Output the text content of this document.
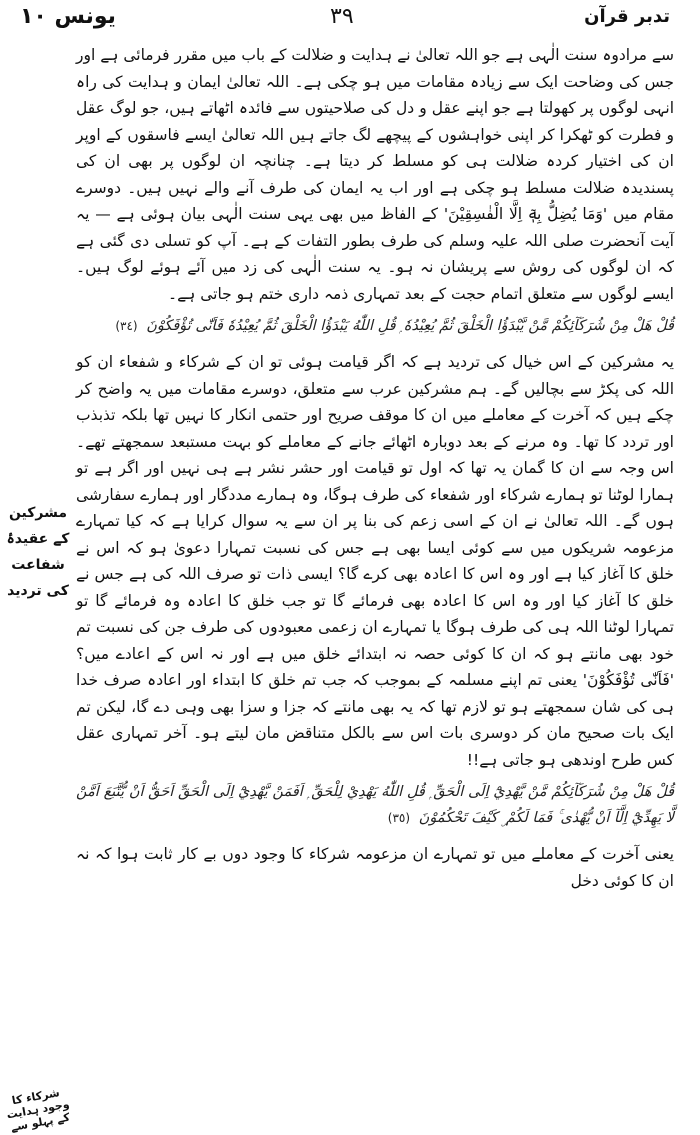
يونس ١٠	٣٩	تدبر قرآن

سے مرادوہ سنت الٰہی ہے جو اللہ تعالیٰ نے ہدایت و ضلالت کے باب میں مقرر فرمائی ہے اور جس کی وضاحت ایک سے زیادہ مقامات میں ہو چکی ہے۔ اللہ تعالیٰ ایمان و ہدایت کی راہ انہی لوگوں پر کھولتا ہے جو اپنے عقل و دل کی صلاحیتوں سے فائدہ اٹھاتے ہیں، جو لوگ عقل و فطرت کو ٹھکرا کر اپنی خواہشوں کے پیچھے لگ جاتے ہیں اللہ تعالیٰ ایسے فاسقوں کے اوپر ان کی اختیار کردہ ضلالت ہی کو مسلط کر دیتا ہے۔ چنانچہ ان لوگوں پر بھی ان کی پسندیدہ ضلالت مسلط ہو چکی ہے اور اب یہ ایمان کی طرف آنے والے نہیں ہیں۔ دوسرے مقام میں 'وَمَا يُضِلُّ بِهٖٓ اِلَّا الْفٰسِقِيْنَ' کے الفاظ میں بھی یہی سنت الٰہی بیان ہوئی ہے — یہ آیت آنحضرت صلی اللہ علیہ وسلم کی طرف بطور التفات کے ہے۔ آپ کو تسلی دی گئی ہے کہ ان لوگوں کی روش سے پریشان نہ ہو۔ یہ سنت الٰہی کی زد میں آئے ہوئے لوگ ہیں۔ ایسے لوگوں سے متعلق اتمام حجت کے بعد تمہاری ذمہ داری ختم ہو جاتی ہے۔

قُلْ هَلْ مِنْ شُرَكَآئِكُمْ مَّنْ يَّبْدَؤُا الْخَلْقَ ثُمَّ يُعِيْدُهٗ ۭ قُلِ اللّٰهُ يَبْدَؤُا الْخَلْقَ ثُمَّ يُعِيْدُهٗ فَاَنّٰى تُؤْفَكُوْنَ (٣٤)

یہ مشرکین کے اس خیال کی تردید ہے کہ اگر قیامت ہوئی تو ان کے شرکاء و شفعاء ان کو اللہ کی پکڑ سے بچالیں گے۔ ہم مشرکین عرب سے متعلق، دوسرے مقامات میں یہ واضح کر چکے ہیں کہ آخرت کے معاملے میں ان کا موقف صریح اور حتمی انکار کا نہیں تھا بلکہ تذبذب اور تردد کا تھا۔ وہ مرنے کے بعد دوبارہ اٹھائے جانے کے معاملے کو بہت مستبعد سمجھتے تھے۔ اس وجہ سے ان کا گمان یہ تھا کہ اول تو قیامت اور حشر نشر ہے ہی نہیں اور اگر ہے تو ہمارا لوٹنا تو ہمارے شرکاء اور شفعاء کی طرف ہوگا، وہ ہمارے مددگار اور ہمارے سفارشی ہوں گے۔ اللہ تعالیٰ نے ان کے اسی زعم کی بنا پر ان سے یہ سوال کرایا ہے کہ کیا تمہارے مزعومہ شریکوں میں سے کوئی ایسا بھی ہے جس کی نسبت تمہارا دعویٰ ہو کہ اس نے خلق کا آغاز کیا ہے اور وہ اس کا اعادہ بھی کرے گا؟ ایسی ذات تو صرف اللہ کی ہے جس نے خلق کا آغاز کیا اور وہ اس کا اعادہ بھی فرمائے گا تو جب خلق کا اعادہ وہ فرمائے گا تو تمہارا لوٹنا اللہ ہی کی طرف ہوگا یا تمہارے ان زعمی معبودوں کی طرف جن کی نسبت تم خود بھی مانتے ہو کہ ان کا کوئی حصہ نہ ابتدائے خلق میں ہے اور نہ اس کے اعادے میں؟ 'فَاَنّٰى تُؤْفَكُوْنَ' یعنی تم اپنے مسلمہ کے بموجب کہ جب تم خلق کا ابتداء اور اعادہ صرف خدا ہی کی شان سمجھتے ہو تو لازم تھا کہ یہ بھی مانتے کہ جزا و سزا بھی وہی دے گا، لیکن تم ایک بات صحیح مان کر دوسری بات اس سے بالکل متناقض مان لیتے ہو۔ آخر تمہاری عقل کس طرح اوندھی ہو جاتی ہے!!

قُلْ هَلْ مِنْ شُرَكَآئِكُمْ مَّنْ يَّهْدِيْٓ اِلَى الْحَقِّ ۭ قُلِ اللّٰهُ يَهْدِيْ لِلْحَقِّ ۭ اَفَمَنْ يَّهْدِيْٓ اِلَى الْحَقِّ اَحَقُّ اَنْ يُّتَّبَعَ اَمَّنْ لَّا يَهِدِّيْٓ اِلَّآ اَنْ يُّهْدٰى ۚ فَمَا لَكُمْ ۣ كَيْفَ تَحْكُمُوْنَ (٣٥)

یعنی آخرت کے معاملے میں تو تمہارے ان مزعومہ شرکاء کا وجود دوں بے کار ثابت ہوا کہ نہ ان کا کوئی دخل

مشرکین کے عقیدۂ شفاعت کی تردید
شرکاء کا وجود ہدایت کے پہلو سے
